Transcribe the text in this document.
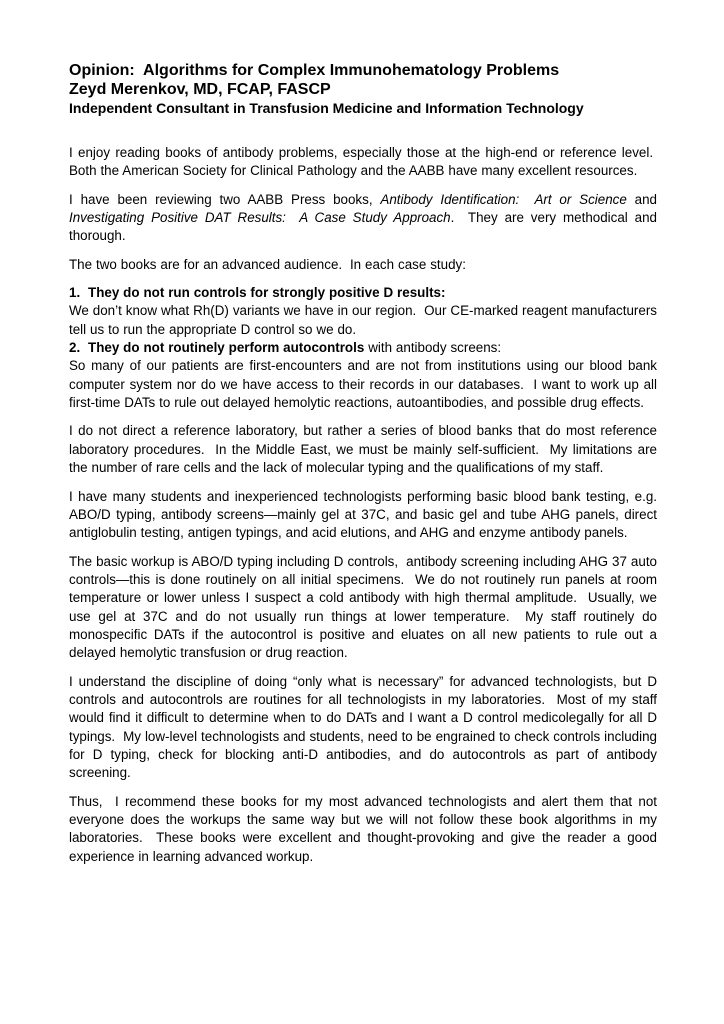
Opinion:  Algorithms for Complex Immunohematology Problems
Zeyd Merenkov, MD, FCAP, FASCP
Independent Consultant in Transfusion Medicine and Information Technology

I enjoy reading books of antibody problems, especially those at the high-end or reference level.  Both the American Society for Clinical Pathology and the AABB have many excellent resources.

I have been reviewing two AABB Press books, Antibody Identification:  Art or Science and Investigating Positive DAT Results:  A Case Study Approach.  They are very methodical and thorough.

The two books are for an advanced audience.  In each case study:

1.  They do not run controls for strongly positive D results:

We don’t know what Rh(D) variants we have in our region.  Our CE-marked reagent manufacturers tell us to run the appropriate D control so we do.

2.  They do not routinely perform autocontrols with antibody screens:

So many of our patients are first-encounters and are not from institutions using our blood bank computer system nor do we have access to their records in our databases.  I want to work up all first-time DATs to rule out delayed hemolytic reactions, autoantibodies, and possible drug effects.

I do not direct a reference laboratory, but rather a series of blood banks that do most reference laboratory procedures.  In the Middle East, we must be mainly self-sufficient.  My limitations are the number of rare cells and the lack of molecular typing and the qualifications of my staff.

I have many students and inexperienced technologists performing basic blood bank testing, e.g. ABO/D typing, antibody screens—mainly gel at 37C, and basic gel and tube AHG panels, direct antiglobulin testing, antigen typings, and acid elutions, and AHG and enzyme antibody panels.

The basic workup is ABO/D typing including D controls,  antibody screening including AHG 37 auto controls—this is done routinely on all initial specimens.  We do not routinely run panels at room temperature or lower unless I suspect a cold antibody with high thermal amplitude.  Usually, we use gel at 37C and do not usually run things at lower temperature.  My staff routinely do monospecific DATs if the autocontrol is positive and eluates on all new patients to rule out a delayed hemolytic transfusion or drug reaction.

I understand the discipline of doing “only what is necessary” for advanced technologists, but D controls and autocontrols are routines for all technologists in my laboratories.  Most of my staff would find it difficult to determine when to do DATs and I want a D control medicolegally for all D typings.  My low-level technologists and students, need to be engrained to check controls including for D typing, check for blocking anti-D antibodies, and do autocontrols as part of antibody screening.

Thus,  I recommend these books for my most advanced technologists and alert them that not everyone does the workups the same way but we will not follow these book algorithms in my laboratories.  These books were excellent and thought-provoking and give the reader a good experience in learning advanced workup.
